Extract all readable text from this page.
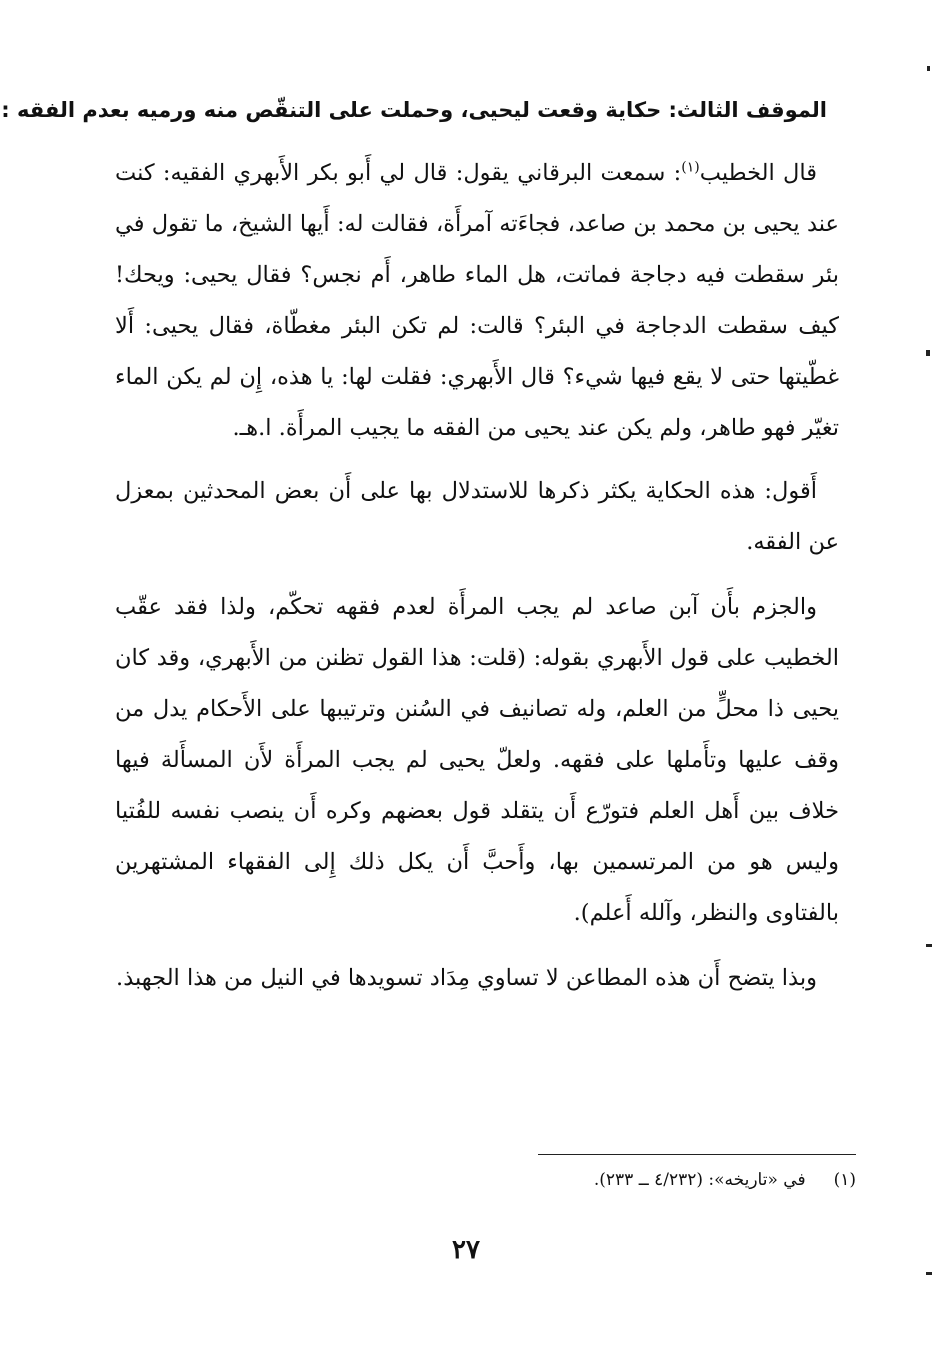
الموقف الثالث: حكاية وقعت ليحيى، وحملت على التنقّص منه ورميه بعدم الفقه :

قال الخطيب$^{(١)}$: سمعت البرقاني يقول: قال لي أَبو بكر الأَبهري الفقيه: كنت عند يحيى بن محمد بن صاعد، فجاءَته آمرأَة، فقالت له: أَيها الشيخ، ما تقول في بئر سقطت فيه دجاجة فماتت، هل الماء طاهر، أَم نجس؟ فقال يحيى: ويحك! كيف سقطت الدجاجة في البئر؟ قالت: لم تكن البئر مغطّاة، فقال يحيى: أَلا غطّيتها حتى لا يقع فيها شيء؟ قال الأَبهري: فقلت لها: يا هذه، إِن لم يكن الماء تغيّر فهو طاهر، ولم يكن عند يحيى من الفقه ما يجيب المرأَة. ا.هـ.

أَقول: هذه الحكاية يكثر ذكرها للاستدلال بها على أَن بعض المحدثين بمعزل عن الفقه.

والجزم بأَن آبن صاعد لم يجب المرأَة لعدم فقهه تحكّم، ولذا فقد عقّب الخطيب على قول الأَبهري بقوله: (قلت: هذا القول تظنن من الأَبهري، وقد كان يحيى ذا محلٍّ من العلم، وله تصانيف في السُنن وترتيبها على الأَحكام يدل من وقف عليها وتأَملها على فقهه. ولعلّ يحيى لم يجب المرأَة لأَن المسأَلة فيها خلاف بين أَهل العلم فتورّع أَن يتقلد قول بعضهم وكره أَن ينصب نفسه للفُتيا وليس هو من المرتسمين بها، وأَحبَّ أَن يكل ذلك إِلى الفقهاء المشتهرين بالفتاوى والنظر، وآلله أَعلم).

وبذا يتضح أَن هذه المطاعن لا تساوي مِدَاد تسويدها في النيل من هذا الجهبذ.

(١)في «تاريخه»: (٤/٢٣٢ ــ ٢٣٣).
٢٧
